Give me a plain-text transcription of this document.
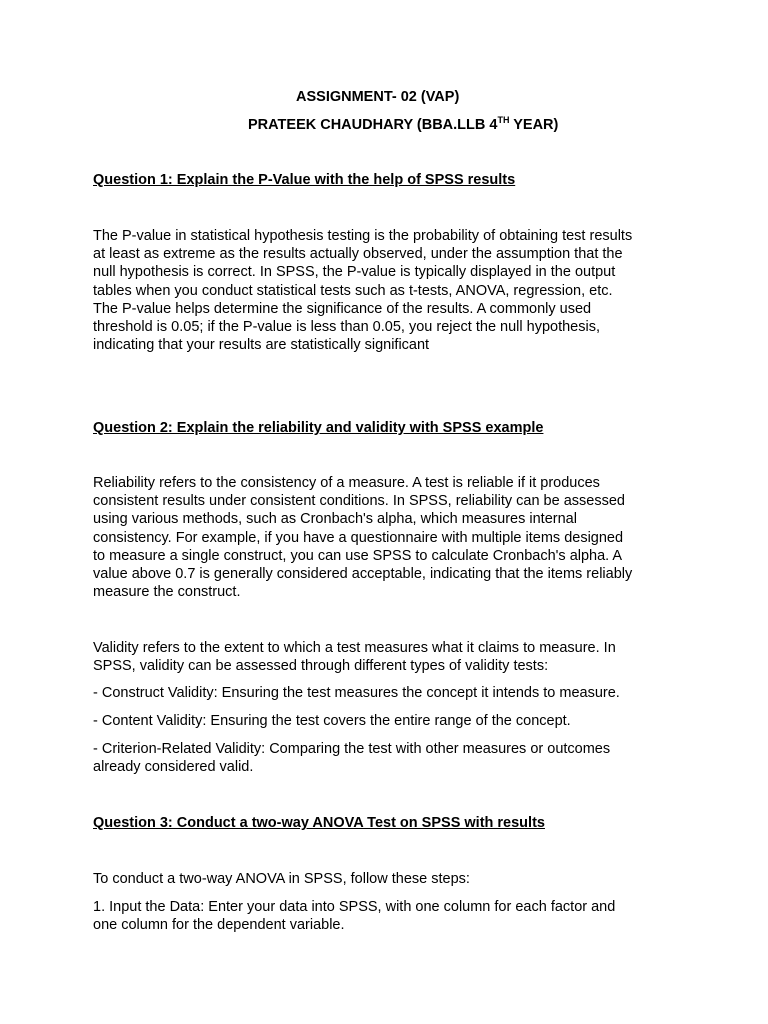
ASSIGNMENT- 02 (VAP)
PRATEEK CHAUDHARY (BBA.LLB 4TH YEAR)
Question 1: Explain the P-Value with the help of SPSS results

The P-value in statistical hypothesis testing is the probability of obtaining test results
at least as extreme as the results actually observed, under the assumption that the
null hypothesis is correct. In SPSS, the P-value is typically displayed in the output
tables when you conduct statistical tests such as t-tests, ANOVA, regression, etc.
The P-value helps determine the significance of the results. A commonly used
threshold is 0.05; if the P-value is less than 0.05, you reject the null hypothesis,
indicating that your results are statistically significant

Question 2: Explain the reliability and validity with SPSS example

Reliability refers to the consistency of a measure. A test is reliable if it produces
consistent results under consistent conditions. In SPSS, reliability can be assessed
using various methods, such as Cronbach's alpha, which measures internal
consistency. For example, if you have a questionnaire with multiple items designed
to measure a single construct, you can use SPSS to calculate Cronbach's alpha. A
value above 0.7 is generally considered acceptable, indicating that the items reliably
measure the construct.

Validity refers to the extent to which a test measures what it claims to measure. In
SPSS, validity can be assessed through different types of validity tests:

- Construct Validity: Ensuring the test measures the concept it intends to measure.

- Content Validity: Ensuring the test covers the entire range of the concept.

- Criterion-Related Validity: Comparing the test with other measures or outcomes
already considered valid.

Question 3: Conduct a two-way ANOVA Test on SPSS with results

To conduct a two-way ANOVA in SPSS, follow these steps:

1. Input the Data: Enter your data into SPSS, with one column for each factor and
one column for the dependent variable.
